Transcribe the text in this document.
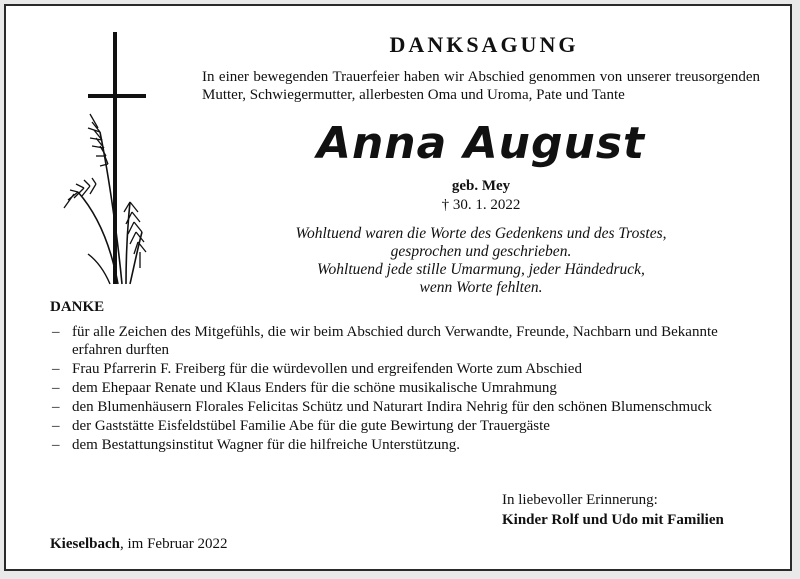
DANKSAGUNG
In einer bewegenden Trauerfeier haben wir Abschied genommen von unserer treusorgenden Mutter, Schwiegermutter, allerbesten Oma und Uroma, Pate und Tante
Anna August
geb. Mey
† 30. 1. 2022
Wohltuend waren die Worte des Gedenkens und des Trostes,
gesprochen und geschrieben.
Wohltuend jede stille Umarmung, jeder Händedruck,
wenn Worte fehlten.
DANKE
– für alle Zeichen des Mitgefühls, die wir beim Abschied durch Verwandte, Freunde, Nachbarn und Bekannte erfahren durften
– Frau Pfarrerin F. Freiberg für die würdevollen und ergreifenden Worte zum Abschied
– dem Ehepaar Renate und Klaus Enders für die schöne musikalische Umrahmung
– den Blumenhäusern Florales Felicitas Schütz und Naturart Indira Nehrig für den schönen Blumenschmuck
– der Gaststätte Eisfeldstübel Familie Abe für die gute Bewirtung der Trauergäste
– dem Bestattungsinstitut Wagner für die hilfreiche Unterstützung.
In liebevoller Erinnerung:
Kinder Rolf und Udo mit Familien
Kieselbach, im Februar 2022
